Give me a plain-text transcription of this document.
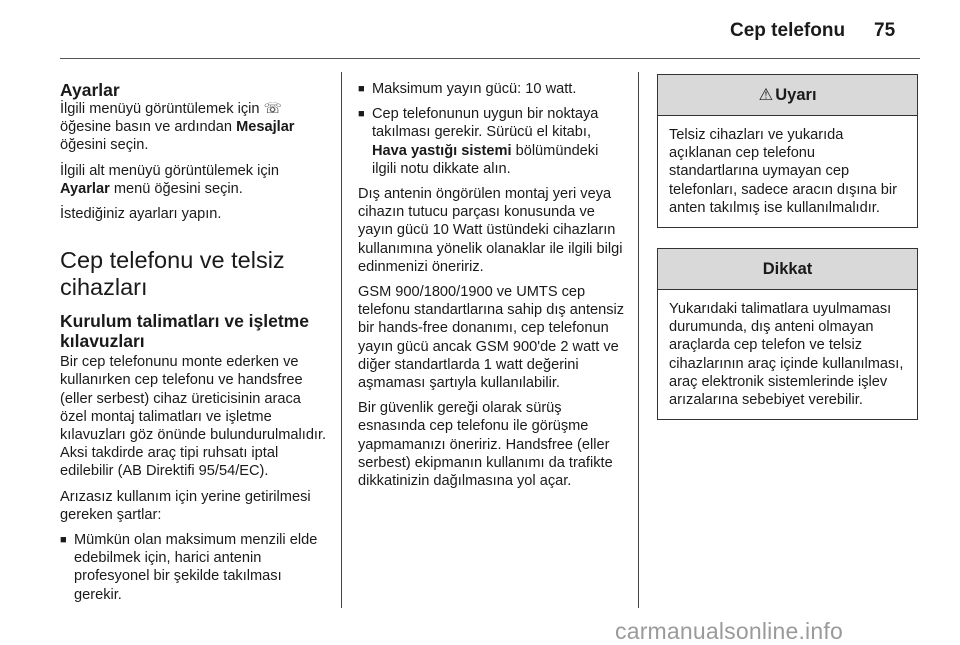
Cep telefonu 75
Ayarlar

İlgili menüyü görüntülemek için ☏ öğesine basın ve ardından Mesajlar öğesini seçin.

İlgili alt menüyü görüntülemek için Ayarlar menü öğesini seçin.

İstediğiniz ayarları yapın.

Cep telefonu ve telsiz cihazları
Kurulum talimatları ve işletme kılavuzları

Bir cep telefonunu monte ederken ve kullanırken cep telefonu ve handsfree (eller serbest) cihaz üreticisinin araca özel montaj talimatları ve işletme kılavuzları göz önünde bulundurulmalıdır. Aksi takdirde araç tipi ruhsatı iptal edilebilir (AB Direktifi 95/54/EC).

Arızasız kullanım için yerine getirilmesi gereken şartlar:

■ Mümkün olan maksimum menzili elde edebilmek için, harici antenin profesyonel bir şekilde takılması gerekir.
■ Maksimum yayın gücü: 10 watt.
■ Cep telefonunun uygun bir noktaya takılması gerekir. Sürücü el kitabı, Hava yastığı sistemi bölümündeki ilgili notu dikkate alın.

Dış antenin öngörülen montaj yeri veya cihazın tutucu parçası konusunda ve yayın gücü 10 Watt üstündeki cihazların kullanımına yönelik olanaklar ile ilgili bilgi edinmenizi öneririz.

GSM 900/1800/1900 ve UMTS cep telefonu standartlarına sahip dış antensiz bir hands-free donanımı, cep telefonun yayın gücü ancak GSM 900'de 2 watt ve diğer standartlarda 1 watt değerini aşmaması şartıyla kullanılabilir.

Bir güvenlik gereği olarak sürüş esnasında cep telefonu ile görüşme yapmamanızı öneririz. Handsfree (eller serbest) ekipmanın kullanımı da trafikte dikkatinizin dağılmasına yol açar.

⚠ Uyarı
Telsiz cihazları ve yukarıda açıklanan cep telefonu standartlarına uymayan cep telefonları, sadece aracın dışına bir anten takılmış ise kullanılmalıdır.
Dikkat
Yukarıdaki talimatlara uyulmaması durumunda, dış anteni olmayan araçlarda cep telefon ve telsiz cihazlarının araç içinde kullanılması, araç elektronik sistemlerinde işlev arızalarına sebebiyet verebilir.
carmanualsonline.info
